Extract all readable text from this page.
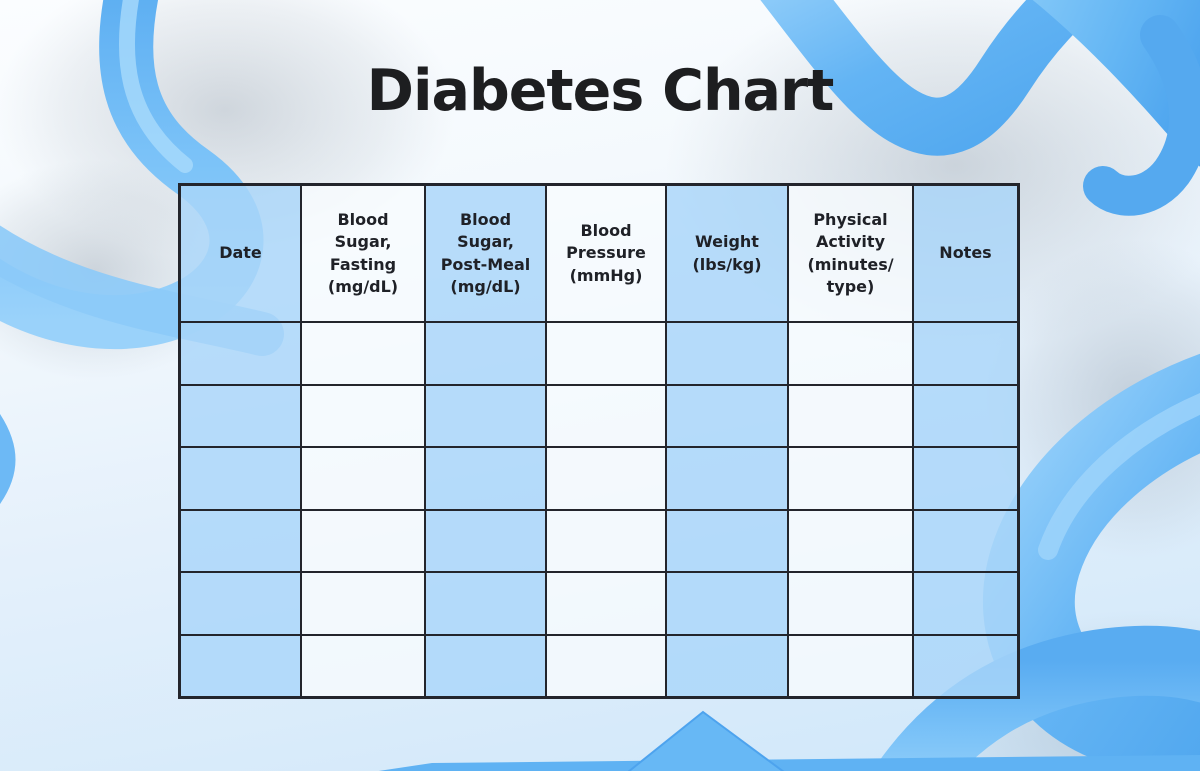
Diabetes Chart
Date
Blood Sugar, Fasting (mg/​dL)
Blood Sugar, Post-Meal (mg/​dL)
Blood Pressure (mmHg)
Weight (lbs/​kg)
Physical Activity (minutes/​type)
Notes
